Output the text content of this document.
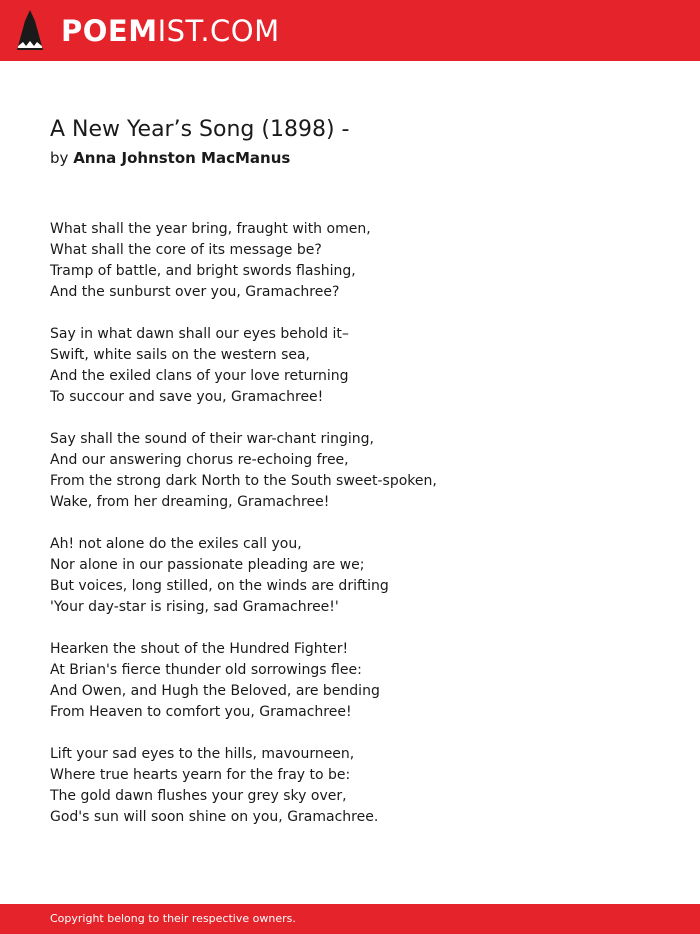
POEMIST.COM
A New Year’s Song (1898) -
by Anna Johnston MacManus
What shall the year bring, fraught with omen,
What shall the core of its message be?
Tramp of battle, and bright swords flashing,
And the sunburst over you, Gramachree?
Say in what dawn shall our eyes behold it–
Swift, white sails on the western sea,
And the exiled clans of your love returning
To succour and save you, Gramachree!
Say shall the sound of their war-chant ringing,
And our answering chorus re-echoing free,
From the strong dark North to the South sweet-spoken,
Wake, from her dreaming, Gramachree!
Ah! not alone do the exiles call you,
Nor alone in our passionate pleading are we;
But voices, long stilled, on the winds are drifting
'Your day-star is rising, sad Gramachree!'
Hearken the shout of the Hundred Fighter!
At Brian's fierce thunder old sorrowings flee:
And Owen, and Hugh the Beloved, are bending
From Heaven to comfort you, Gramachree!
Lift your sad eyes to the hills, mavourneen,
Where true hearts yearn for the fray to be:
The gold dawn flushes your grey sky over,
God's sun will soon shine on you, Gramachree.
Copyright belong to their respective owners.
